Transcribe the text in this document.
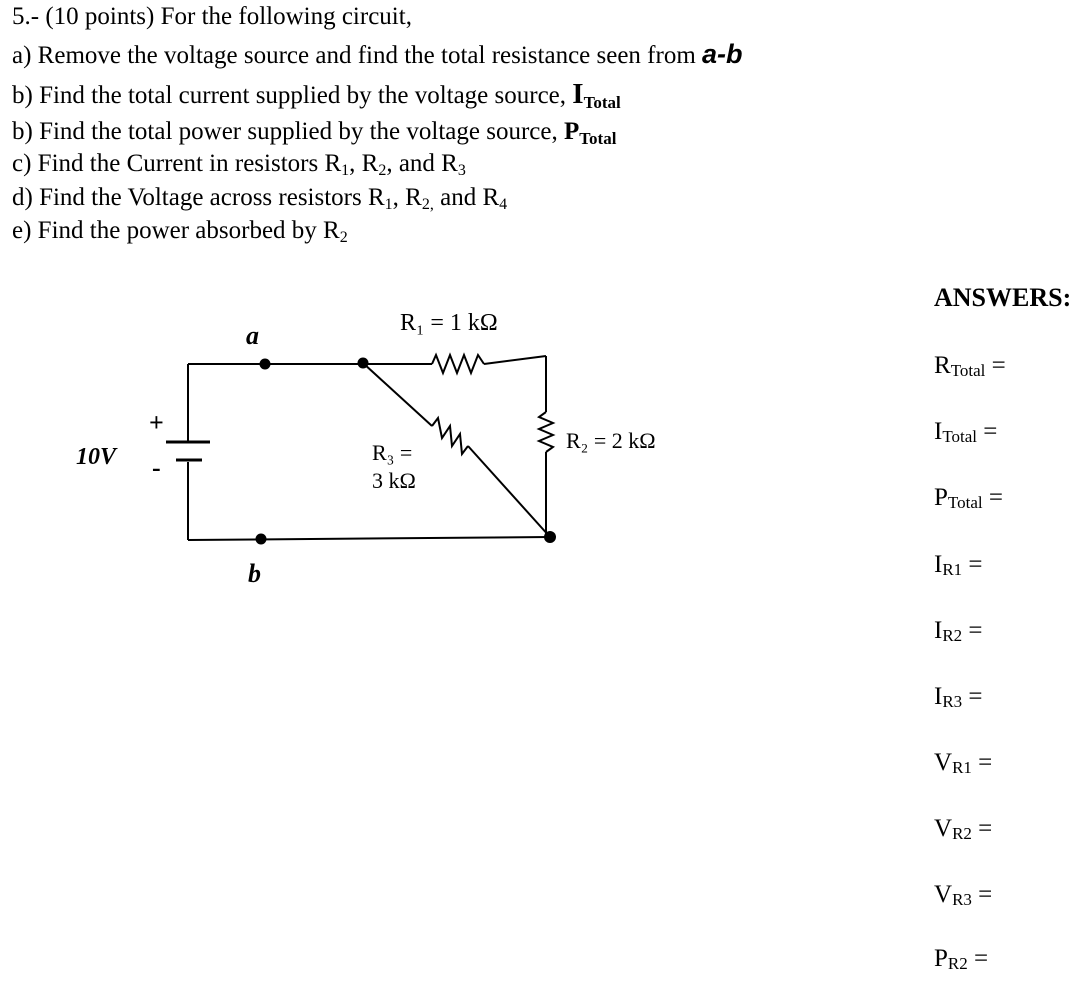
5.- (10 points) For the following circuit,
a) Remove the voltage source and find the total resistance seen from a-b
b) Find the total current supplied by the voltage source, $I_{Total}$
b) Find the total power supplied by the voltage source, $P_{Total}$
c) Find the Current in resistors R1, R2, and R3
d) Find the Voltage across resistors R1, R2, and R4
e) Find the power absorbed by R2
10V
+
-
a
b
R₁ = 1 kΩ
R₂ = 2 kΩ
R₃ =
3 kΩ
ANSWERS:
RTotal =
ITotal =
PTotal =
IR1 =
IR2 =
IR3 =
VR1 =
VR2 =
VR3 =
PR2 =
